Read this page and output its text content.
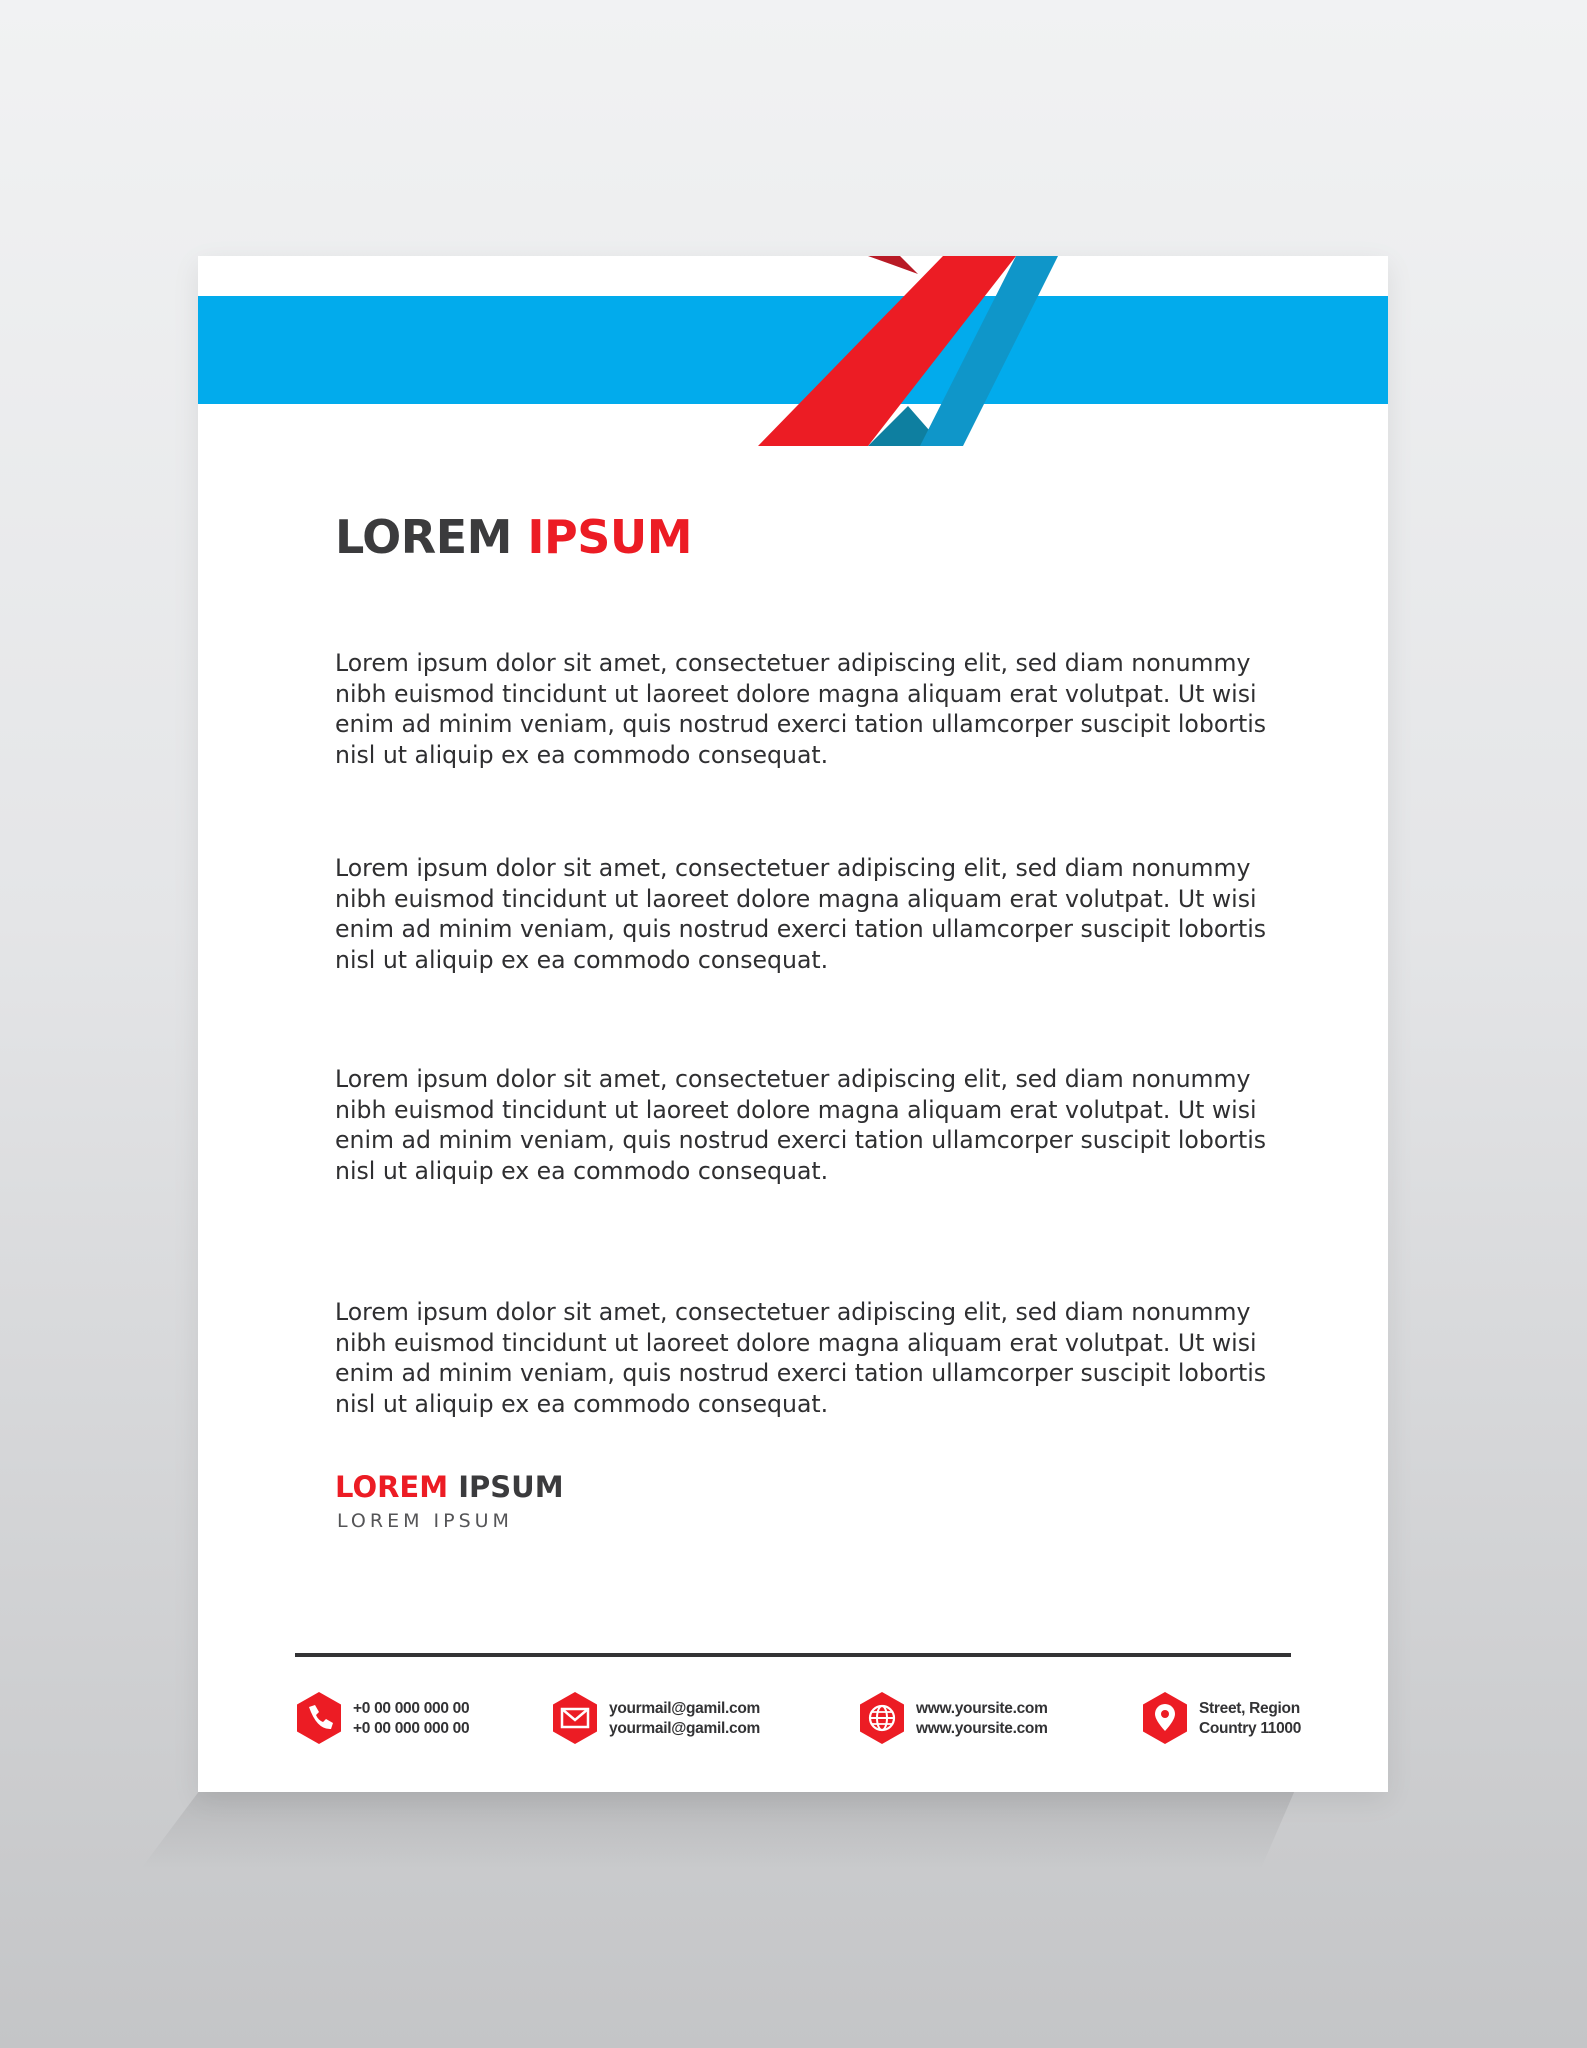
LOREM IPSUM

Lorem ipsum dolor sit amet, consectetuer adipiscing elit, sed diam nonummy nibh euismod tincidunt ut laoreet dolore magna aliquam erat volutpat. Ut wisi enim ad minim veniam, quis nostrud exerci tation ullamcorper suscipit lobortis nisl ut aliquip ex ea commodo consequat.

Lorem ipsum dolor sit amet, consectetuer adipiscing elit, sed diam nonummy nibh euismod tincidunt ut laoreet dolore magna aliquam erat volutpat. Ut wisi enim ad minim veniam, quis nostrud exerci tation ullamcorper suscipit lobortis nisl ut aliquip ex ea commodo consequat.

Lorem ipsum dolor sit amet, consectetuer adipiscing elit, sed diam nonummy nibh euismod tincidunt ut laoreet dolore magna aliquam erat volutpat. Ut wisi enim ad minim veniam, quis nostrud exerci tation ullamcorper suscipit lobortis nisl ut aliquip ex ea commodo consequat.

Lorem ipsum dolor sit amet, consectetuer adipiscing elit, sed diam nonummy nibh euismod tincidunt ut laoreet dolore magna aliquam erat volutpat. Ut wisi enim ad minim veniam, quis nostrud exerci tation ullamcorper suscipit lobortis nisl ut aliquip ex ea commodo consequat.

LOREM IPSUM

LOREM IPSUM

+0 00 000 000 00
+0 00 000 000 00
yourmail@gamil.com
yourmail@gamil.com
www.yoursite.com
www.yoursite.com
Street, Region
Country 11000
